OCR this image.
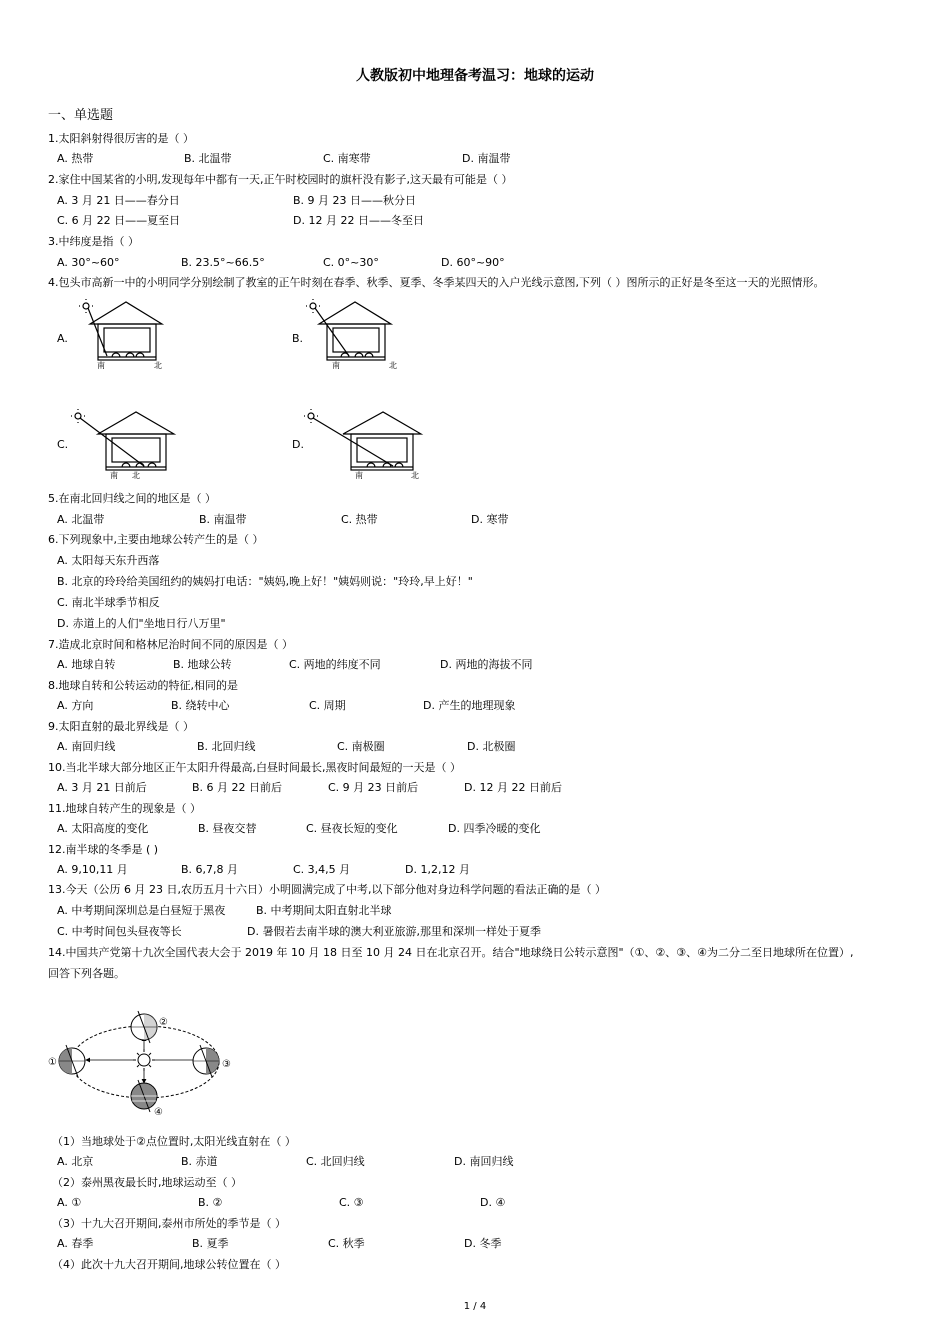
人教版初中地理备考温习：地球的运动
一、单选题
1.太阳斜射得很厉害的是（ ）
A. 热带	B. 北温带	C. 南寒带	D. 南温带
2.家住中国某省的小明,发现每年中都有一天,正午时校园时的旗杆没有影子,这天最有可能是（ ）
A. 3 月 21 日——春分日	B. 9 月 23 日——秋分日
C. 6 月 22 日——夏至日	D. 12 月 22 日——冬至日
3.中纬度是指（ ）
A. 30°~60°	B. 23.5°~66.5°	C. 0°~30°	D. 60°~90°
4.包头市高新一中的小明同学分别绘制了教室的正午时刻在春季、秋季、夏季、冬季某四天的入户光线示意图,下列（ ）图所示的正好是冬至这一天的光照情形。
A.
南	北
B.
南	北
C.
南 北
D.
南	北
5.在南北回归线之间的地区是（ ）
A. 北温带	B. 南温带	C. 热带	D. 寒带
6.下列现象中,主要由地球公转产生的是（ ）
A. 太阳每天东升西落
B. 北京的玲玲给美国纽约的姨妈打电话："姨妈,晚上好！"姨妈则说："玲玲,早上好！"
C. 南北半球季节相反
D. 赤道上的人们"坐地日行八万里"
7.造成北京时间和格林尼治时间不同的原因是（ ）
A. 地球自转	B. 地球公转	C. 两地的纬度不同	D. 两地的海拔不同
8.地球自转和公转运动的特征,相同的是
A. 方向	B. 绕转中心	C. 周期	D. 产生的地理现象
9.太阳直射的最北界线是（ ）
A. 南回归线	B. 北回归线	C. 南极圈	D. 北极圈
10.当北半球大部分地区正午太阳升得最高,白昼时间最长,黑夜时间最短的一天是（ ）
A. 3 月 21 日前后	B. 6 月 22 日前后	C. 9 月 23 日前后	D. 12 月 22 日前后
11.地球自转产生的现象是（ ）
A. 太阳高度的变化	B. 昼夜交替	C. 昼夜长短的变化	D. 四季冷暖的变化
12.南半球的冬季是 ( )
A. 9,10,11 月	B. 6,7,8 月	C. 3,4,5 月	D. 1,2,12 月
13.今天（公历 6 月 23 日,农历五月十六日）小明圆满完成了中考,以下部分他对身边科学问题的看法正确的是（ ）
A. 中考期间深圳总是白昼短于黑夜	B. 中考期间太阳直射北半球
C. 中考时间包头昼夜等长	D. 暑假若去南半球的澳大利亚旅游,那里和深圳一样处于夏季
14.中国共产党第十九次全国代表大会于 2019 年 10 月 18 日至 10 月 24 日在北京召开。结合"地球绕日公转示意图"（①、②、③、④为二分二至日地球所在位置）,
回答下列各题。
①
②
③
④
（1）当地球处于②点位置时,太阳光线直射在（ ）
A. 北京	B. 赤道	C. 北回归线	D. 南回归线
（2）泰州黑夜最长时,地球运动至（ ）
A. ①	B. ②	C. ③	D. ④
（3）十九大召开期间,泰州市所处的季节是（ ）
A. 春季	B. 夏季	C. 秋季	D. 冬季
（4）此次十九大召开期间,地球公转位置在（ ）
1 / 4
